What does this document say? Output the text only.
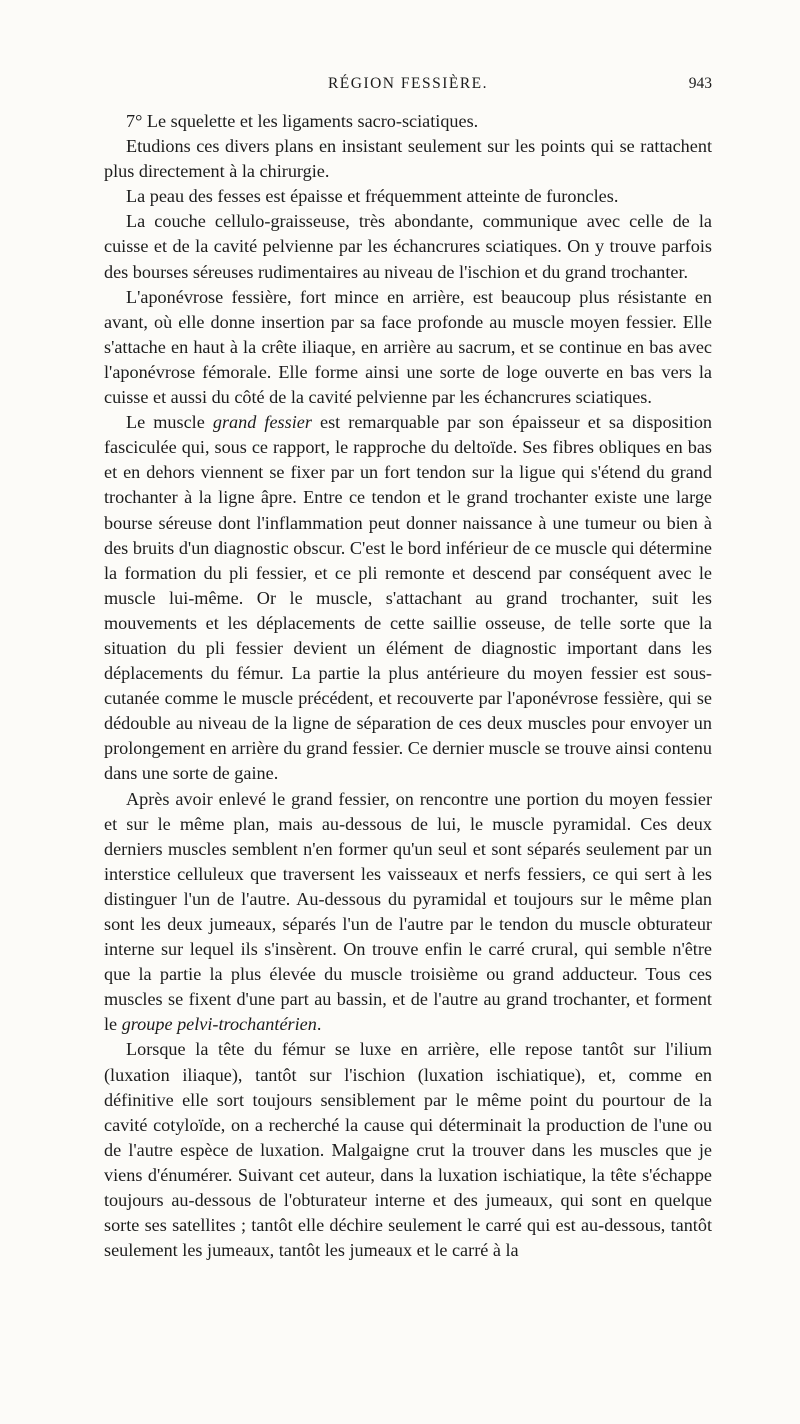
RÉGION FESSIÈRE.	943

7° Le squelette et les ligaments sacro-sciatiques.

Etudions ces divers plans en insistant seulement sur les points qui se rattachent plus directement à la chirurgie.

La peau des fesses est épaisse et fréquemment atteinte de furoncles.

La couche cellulo-graisseuse, très abondante, communique avec celle de la cuisse et de la cavité pelvienne par les échancrures sciatiques. On y trouve parfois des bourses séreuses rudimentaires au niveau de l'ischion et du grand trochanter.

L'aponévrose fessière, fort mince en arrière, est beaucoup plus résistante en avant, où elle donne insertion par sa face profonde au muscle moyen fessier. Elle s'attache en haut à la crête iliaque, en arrière au sacrum, et se continue en bas avec l'aponévrose fémorale. Elle forme ainsi une sorte de loge ouverte en bas vers la cuisse et aussi du côté de la cavité pelvienne par les échancrures sciatiques.

Le muscle grand fessier est remarquable par son épaisseur et sa disposition fasciculée qui, sous ce rapport, le rapproche du deltoïde. Ses fibres obliques en bas et en dehors viennent se fixer par un fort tendon sur la ligue qui s'étend du grand trochanter à la ligne âpre. Entre ce tendon et le grand trochanter existe une large bourse séreuse dont l'inflammation peut donner naissance à une tumeur ou bien à des bruits d'un diagnostic obscur. C'est le bord inférieur de ce muscle qui détermine la formation du pli fessier, et ce pli remonte et descend par conséquent avec le muscle lui-même. Or le muscle, s'attachant au grand trochanter, suit les mouvements et les déplacements de cette saillie osseuse, de telle sorte que la situation du pli fessier devient un élément de diagnostic important dans les déplacements du fémur. La partie la plus antérieure du moyen fessier est sous-cutanée comme le muscle précédent, et recouverte par l'aponévrose fessière, qui se dédouble au niveau de la ligne de séparation de ces deux muscles pour envoyer un prolongement en arrière du grand fessier. Ce dernier muscle se trouve ainsi contenu dans une sorte de gaine.

Après avoir enlevé le grand fessier, on rencontre une portion du moyen fessier et sur le même plan, mais au-dessous de lui, le muscle pyramidal. Ces deux derniers muscles semblent n'en former qu'un seul et sont séparés seulement par un interstice celluleux que traversent les vaisseaux et nerfs fessiers, ce qui sert à les distinguer l'un de l'autre. Au-dessous du pyramidal et toujours sur le même plan sont les deux jumeaux, séparés l'un de l'autre par le tendon du muscle obturateur interne sur lequel ils s'insèrent. On trouve enfin le carré crural, qui semble n'être que la partie la plus élevée du muscle troisième ou grand adducteur. Tous ces muscles se fixent d'une part au bassin, et de l'autre au grand trochanter, et forment le groupe pelvi-trochantérien.

Lorsque la tête du fémur se luxe en arrière, elle repose tantôt sur l'ilium (luxation iliaque), tantôt sur l'ischion (luxation ischiatique), et, comme en définitive elle sort toujours sensiblement par le même point du pourtour de la cavité cotyloïde, on a recherché la cause qui déterminait la production de l'une ou de l'autre espèce de luxation. Malgaigne crut la trouver dans les muscles que je viens d'énumérer. Suivant cet auteur, dans la luxation ischiatique, la tête s'échappe toujours au-dessous de l'obturateur interne et des jumeaux, qui sont en quelque sorte ses satellites ; tantôt elle déchire seulement le carré qui est au-dessous, tantôt seulement les jumeaux, tantôt les jumeaux et le carré à la
